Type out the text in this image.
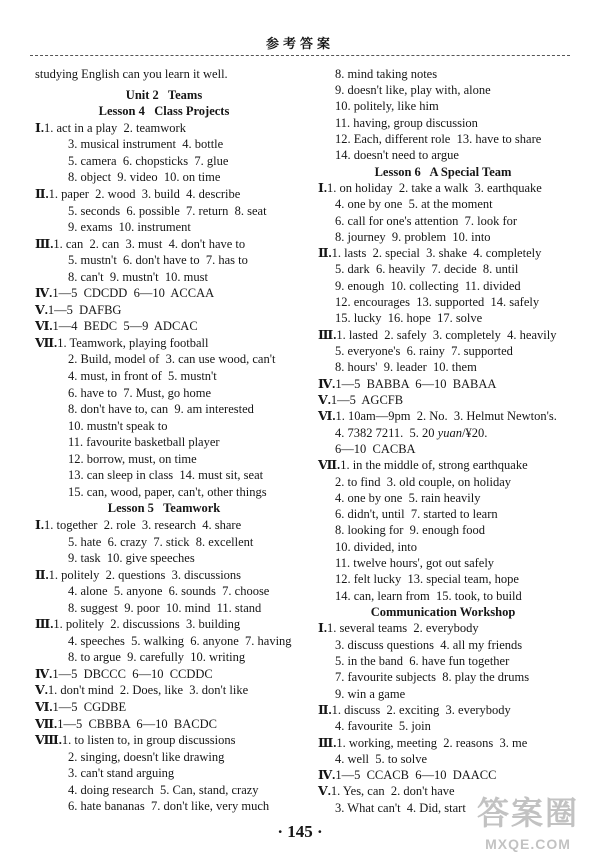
参考答案
studying English can you learn it well.
Unit 2   Teams
Lesson 4   Class Projects
Ⅰ.1. act in a play  2. teamwork
3. musical instrument  4. bottle
5. camera  6. chopsticks  7. glue
8. object  9. video  10. on time
Ⅱ.1. paper  2. wood  3. build  4. describe
5. seconds  6. possible  7. return  8. seat
9. exams  10. instrument
Ⅲ.1. can  2. can  3. must  4. don't have to
5. mustn't  6. don't have to  7. has to
8. can't  9. mustn't  10. must
Ⅳ.1—5  CDCDD  6—10  ACCAA
Ⅴ.1—5  DAFBG
Ⅵ.1—4  BEDC  5—9  ADCAC
Ⅶ.1. Teamwork, playing football
2. Build, model of  3. can use wood, can't
4. must, in front of  5. mustn't
6. have to  7. Must, go home
8. don't have to, can  9. am interested
10. mustn't speak to
11. favourite basketball player
12. borrow, must, on time
13. can sleep in class  14. must sit, seat
15. can, wood, paper, can't, other things
Lesson 5   Teamwork
Ⅰ.1. together  2. role  3. research  4. share
5. hate  6. crazy  7. stick  8. excellent
9. task  10. give speeches
Ⅱ.1. politely  2. questions  3. discussions
4. alone  5. anyone  6. sounds  7. choose
8. suggest  9. poor  10. mind  11. stand
Ⅲ.1. politely  2. discussions  3. building
4. speeches  5. walking  6. anyone  7. having
8. to argue  9. carefully  10. writing
Ⅳ.1—5  DBCCC  6—10  CCDDC
Ⅴ.1. don't mind  2. Does, like  3. don't like
Ⅵ.1—5  CGDBE
Ⅶ.1—5  CBBBA  6—10  BACDC
Ⅷ.1. to listen to, in group discussions
2. singing, doesn't like drawing
3. can't stand arguing
4. doing research  5. Can, stand, crazy
6. hate bananas  7. don't like, very much
8. mind taking notes
9. doesn't like, play with, alone
10. politely, like him
11. having, group discussion
12. Each, different role  13. have to share
14. doesn't need to argue
Lesson 6   A Special Team
Ⅰ.1. on holiday  2. take a walk  3. earthquake
4. one by one  5. at the moment
6. call for one's attention  7. look for
8. journey  9. problem  10. into
Ⅱ.1. lasts  2. special  3. shake  4. completely
5. dark  6. heavily  7. decide  8. until
9. enough  10. collecting  11. divided
12. encourages  13. supported  14. safely
15. lucky  16. hope  17. solve
Ⅲ.1. lasted  2. safely  3. completely  4. heavily
5. everyone's  6. rainy  7. supported
8. hours'  9. leader  10. them
Ⅳ.1—5  BABBA  6—10  BABAA
Ⅴ.1—5  AGCFB
Ⅵ.1. 10am—9pm  2. No.  3. Helmut Newton's.
4. 7382 7211.  5. 20 yuan/¥20.
6—10  CACBA
Ⅶ.1. in the middle of, strong earthquake
2. to find  3. old couple, on holiday
4. one by one  5. rain heavily
6. didn't, until  7. started to learn
8. looking for  9. enough food
10. divided, into
11. twelve hours', got out safely
12. felt lucky  13. special team, hope
14. can, learn from  15. took, to build
Communication Workshop
Ⅰ.1. several teams  2. everybody
3. discuss questions  4. all my friends
5. in the band  6. have fun together
7. favourite subjects  8. play the drums
9. win a game
Ⅱ.1. discuss  2. exciting  3. everybody
4. favourite  5. join
Ⅲ.1. working, meeting  2. reasons  3. me
4. well  5. to solve
Ⅳ.1—5  CCACB  6—10  DAACC
Ⅴ.1. Yes, can  2. don't have
3. What can't  4. Did, start
· 145 ·	答案圈
MXQE.COM
